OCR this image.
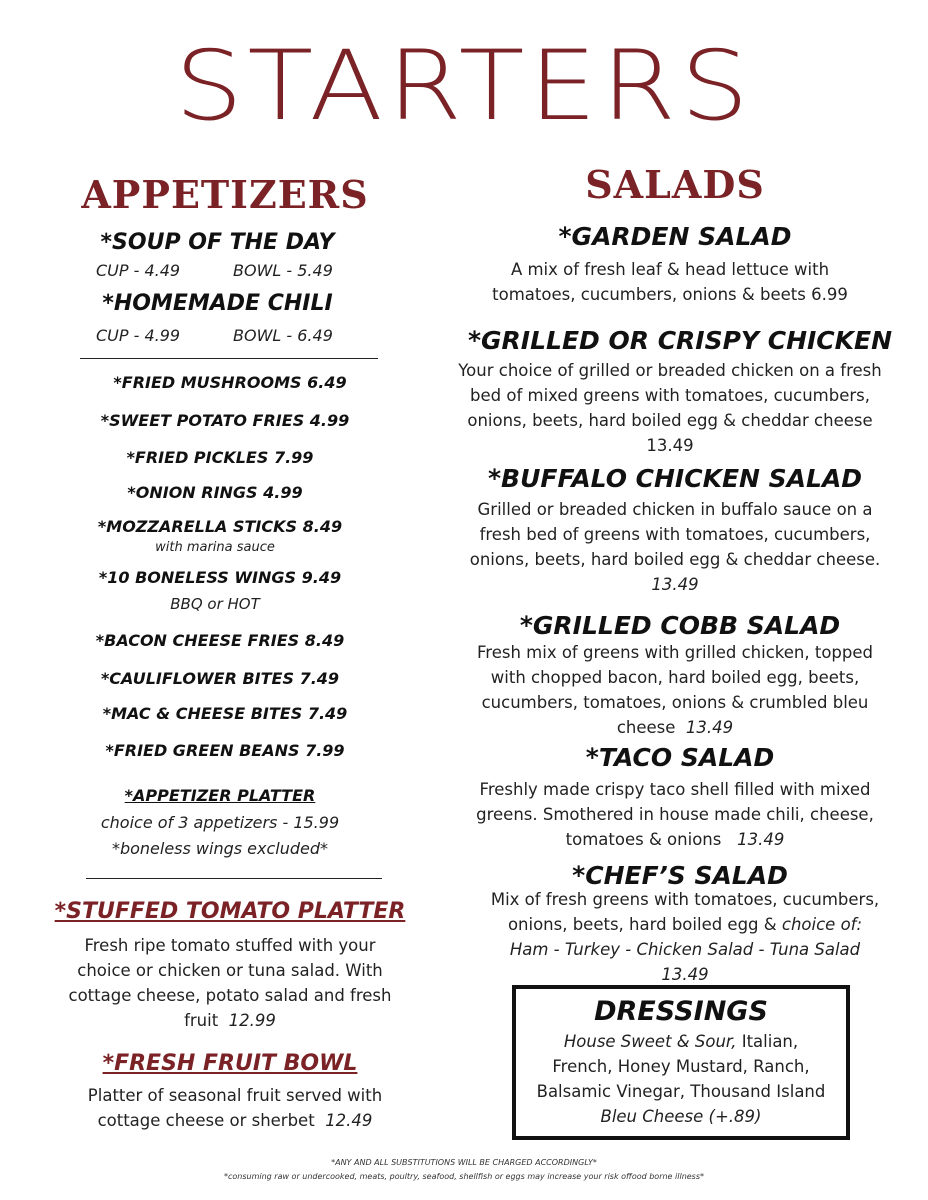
STARTERS
APPETIZERS
*SOUP OF THE DAY
CUP - 4.49	BOWL - 5.49
*HOMEMADE CHILI
CUP - 4.99	BOWL - 6.49
*FRIED MUSHROOMS 6.49
*SWEET POTATO FRIES 4.99
*FRIED PICKLES 7.99
*ONION RINGS 4.99
*MOZZARELLA STICKS 8.49
with marina sauce
*10 BONELESS WINGS 9.49
BBQ or HOT
*BACON CHEESE FRIES 8.49
*CAULIFLOWER BITES 7.49
*MAC & CHEESE BITES 7.49
*FRIED GREEN BEANS 7.99
*APPETIZER PLATTER
choice of 3 appetizers - 15.99
*boneless wings excluded*
*STUFFED TOMATO PLATTER
Fresh ripe tomato stuffed with your
choice or chicken or tuna salad. With
cottage cheese, potato salad and fresh
fruit 12.99
*FRESH FRUIT BOWL
Platter of seasonal fruit served with
cottage cheese or sherbet 12.49
SALADS
*GARDEN SALAD
A mix of fresh leaf & head lettuce with
tomatoes, cucumbers, onions & beets 6.99
*GRILLED OR CRISPY CHICKEN
Your choice of grilled or breaded chicken on a fresh
bed of mixed greens with tomatoes, cucumbers,
onions, beets, hard boiled egg & cheddar cheese
13.49
*BUFFALO CHICKEN SALAD
Grilled or breaded chicken in buffalo sauce on a
fresh bed of greens with tomatoes, cucumbers,
onions, beets, hard boiled egg & cheddar cheese.
13.49
*GRILLED COBB SALAD
Fresh mix of greens with grilled chicken, topped
with chopped bacon, hard boiled egg, beets,
cucumbers, tomatoes, onions & crumbled bleu
cheese 13.49
*TACO SALAD
Freshly made crispy taco shell filled with mixed
greens. Smothered in house made chili, cheese,
tomatoes & onions 13.49
*CHEF’S SALAD
Mix of fresh greens with tomatoes, cucumbers,
onions, beets, hard boiled egg & choice of:
Ham - Turkey - Chicken Salad - Tuna Salad
13.49
DRESSINGS
House Sweet & Sour, Italian,
French, Honey Mustard, Ranch,
Balsamic Vinegar, Thousand Island
Bleu Cheese (+.89)
*ANY AND ALL SUBSTITUTIONS WILL BE CHARGED ACCORDINGLY*
*consuming raw or undercooked, meats, poultry, seafood, shellfish or eggs may increase your risk offood borne illness*
